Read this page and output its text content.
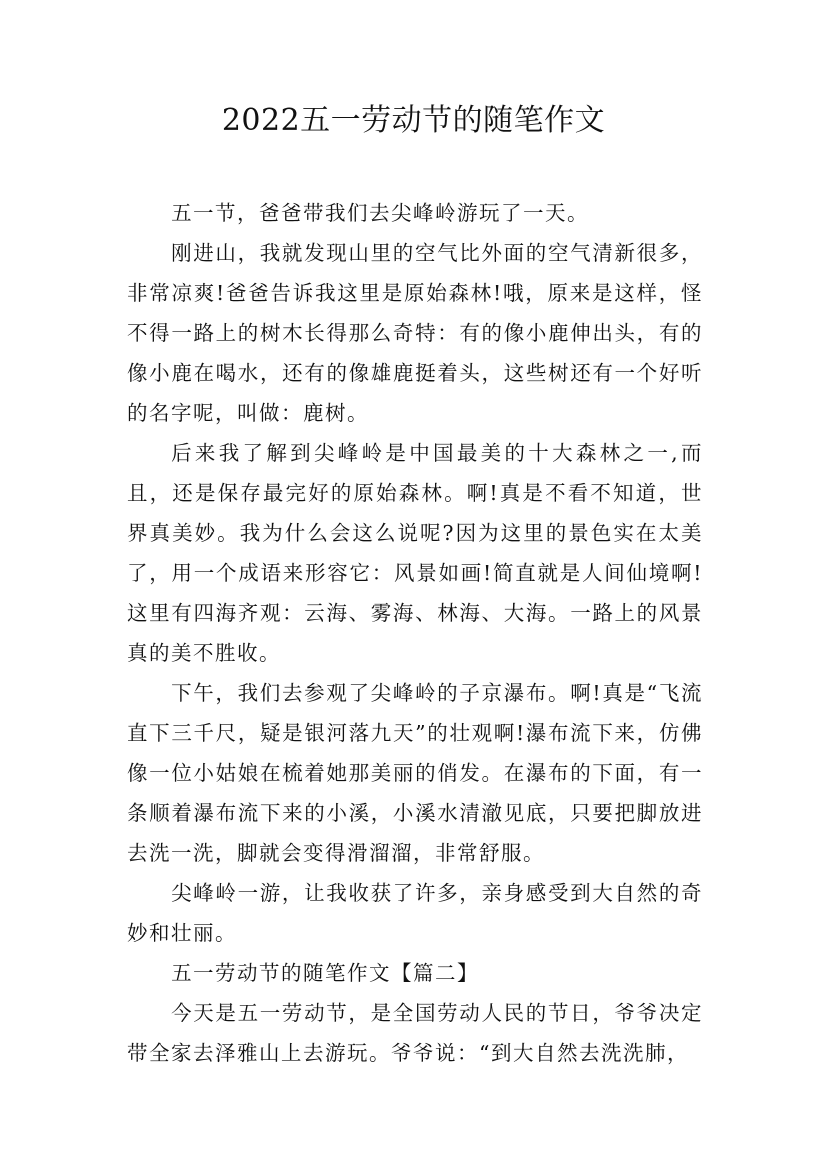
2022五一劳动节的随笔作文

五一节，爸爸带我们去尖峰岭游玩了一天。

刚进山，我就发现山里的空气比外面的空气清新很多，非常凉爽!爸爸告诉我这里是原始森林!哦，原来是这样，怪不得一路上的树木长得那么奇特：有的像小鹿伸出头，有的像小鹿在喝水，还有的像雄鹿挺着头，这些树还有一个好听的名字呢，叫做：鹿树。

后来我了解到尖峰岭是中国最美的十大森林之一,而且，还是保存最完好的原始森林。啊!真是不看不知道，世界真美妙。我为什么会这么说呢?因为这里的景色实在太美了，用一个成语来形容它：风景如画!简直就是人间仙境啊!这里有四海齐观：云海、雾海、林海、大海。一路上的风景真的美不胜收。

下午，我们去参观了尖峰岭的子京瀑布。啊!真是“飞流直下三千尺，疑是银河落九天”的壮观啊!瀑布流下来，仿佛像一位小姑娘在梳着她那美丽的俏发。在瀑布的下面，有一条顺着瀑布流下来的小溪，小溪水清澈见底，只要把脚放进去洗一洗，脚就会变得滑溜溜，非常舒服。

尖峰岭一游，让我收获了许多，亲身感受到大自然的奇妙和壮丽。

五一劳动节的随笔作文【篇二】

今天是五一劳动节，是全国劳动人民的节日，爷爷决定带全家去泽雅山上去游玩。爷爷说：“到大自然去洗洗肺，
